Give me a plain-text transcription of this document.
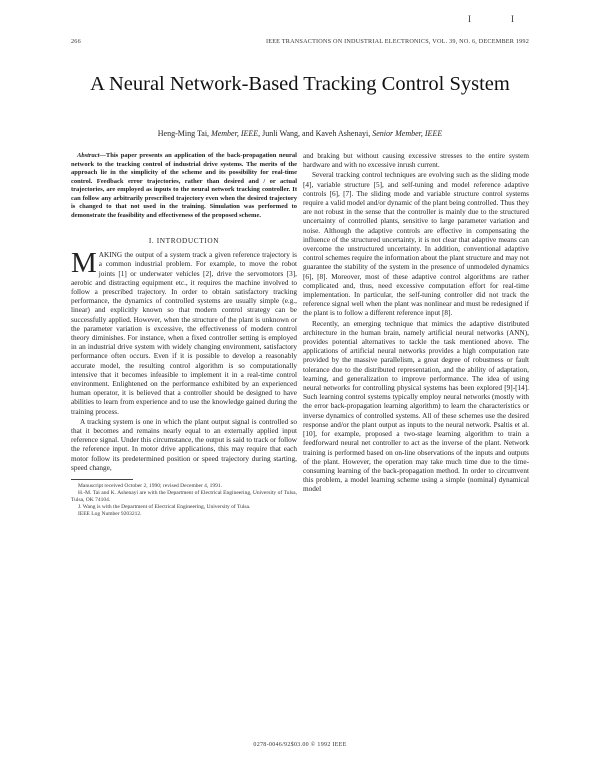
I	I
266	IEEE TRANSACTIONS ON INDUSTRIAL ELECTRONICS, VOL. 39, NO. 6, DECEMBER 1992
A Neural Network-Based Tracking Control System
Heng-Ming Tai, Member, IEEE, Junli Wang, and Kaveh Ashenayi, Senior Member, IEEE
Abstract—This paper presents an application of the back-propagation neural network to the tracking control of industrial drive systems. The merits of the approach lie in the simplicity of the scheme and its possibility for real-time control. Feedback error trajectories, rather than desired and / or actual trajectories, are employed as inputs to the neural network tracking controller. It can follow any arbitrarily prescribed trajectory even when the desired trajectory is changed to that not used in the training. Simulation was performed to demonstrate the feasibility and effectiveness of the proposed scheme.
I. INTRODUCTION

MAKING the output of a system track a given reference trajectory is a common industrial problem. For example, to move the robot joints [1] or underwater vehicles [2], drive the servomotors [3], aerobic and distracting equipment etc., it requires the machine involved to follow a prescribed trajectory. In order to obtain satisfactory tracking performance, the dynamics of controlled systems are usually simple (e.g., linear) and explicitly known so that modern control strategy can be successfully applied. However, when the structure of the plant is unknown or the parameter variation is excessive, the effectiveness of modern control theory diminishes. For instance, when a fixed controller setting is employed in an industrial drive system with widely changing environment, satisfactory performance often occurs. Even if it is possible to develop a reasonably accurate model, the resulting control algorithm is so computationally intensive that it becomes infeasible to implement it in a real-time control environment. Enlightened on the performance exhibited by an experienced human operator, it is believed that a controller should be designed to have abilities to learn from experience and to use the knowledge gained during the training process.

A tracking system is one in which the plant output signal is controlled so that it becomes and remains nearly equal to an externally applied input reference signal. Under this circumstance, the output is said to track or follow the reference input. In motor drive applications, this may require that each motor follow its predetermined position or speed trajectory during starting, speed change,

Manuscript received October 2, 1990; revised December 4, 1991.

H.-M. Tai and K. Ashenayi are with the Department of Electrical Engineering, University of Tulsa, Tulsa, OK 74104.

J. Wang is with the Department of Electrical Engineering, University of Tulsa.

IEEE Log Number 9203212.

and braking but without causing excessive stresses to the entire system hardware and with no excessive inrush current.

Several tracking control techniques are evolving such as the sliding mode [4], variable structure [5], and self-tuning and model reference adaptive controls [6], [7]. The sliding mode and variable structure control systems require a valid model and/or dynamic of the plant being controlled. Thus they are not robust in the sense that the controller is mainly due to the structured uncertainty of controlled plants, sensitive to large parameter variation and noise. Although the adaptive controls are effective in compensating the influence of the structured uncertainty, it is not clear that adaptive means can overcome the unstructured uncertainty. In addition, conventional adaptive control schemes require the information about the plant structure and may not guarantee the stability of the system in the presence of unmodeled dynamics [6], [8]. Moreover, most of these adaptive control algorithms are rather complicated and, thus, need excessive computation effort for real-time implementation. In particular, the self-tuning controller did not track the reference signal well when the plant was nonlinear and must be redesigned if the plant is to follow a different reference input [8].

Recently, an emerging technique that mimics the adaptive distributed architecture in the human brain, namely artificial neural networks (ANN), provides potential alternatives to tackle the task mentioned above. The applications of artificial neural networks provides a high computation rate provided by the massive parallelism, a great degree of robustness or fault tolerance due to the distributed representation, and the ability of adaptation, learning, and generalization to improve performance. The idea of using neural networks for controlling physical systems has been explored [9]-[14]. Such learning control systems typically employ neural networks (mostly with the error back-propagation learning algorithm) to learn the characteristics or inverse dynamics of controlled systems. All of these schemes use the desired response and/or the plant output as inputs to the neural network. Psaltis et al. [10], for example, proposed a two-stage learning algorithm to train a feedforward neural net controller to act as the inverse of the plant. Network training is performed based on on-line observations of the inputs and outputs of the plant. However, the operation may take much time due to the time-consuming learning of the back-propagation method. In order to circumvent this problem, a model learning scheme using a simple (nominal) dynamical model

0278-0046/92$03.00 © 1992 IEEE
